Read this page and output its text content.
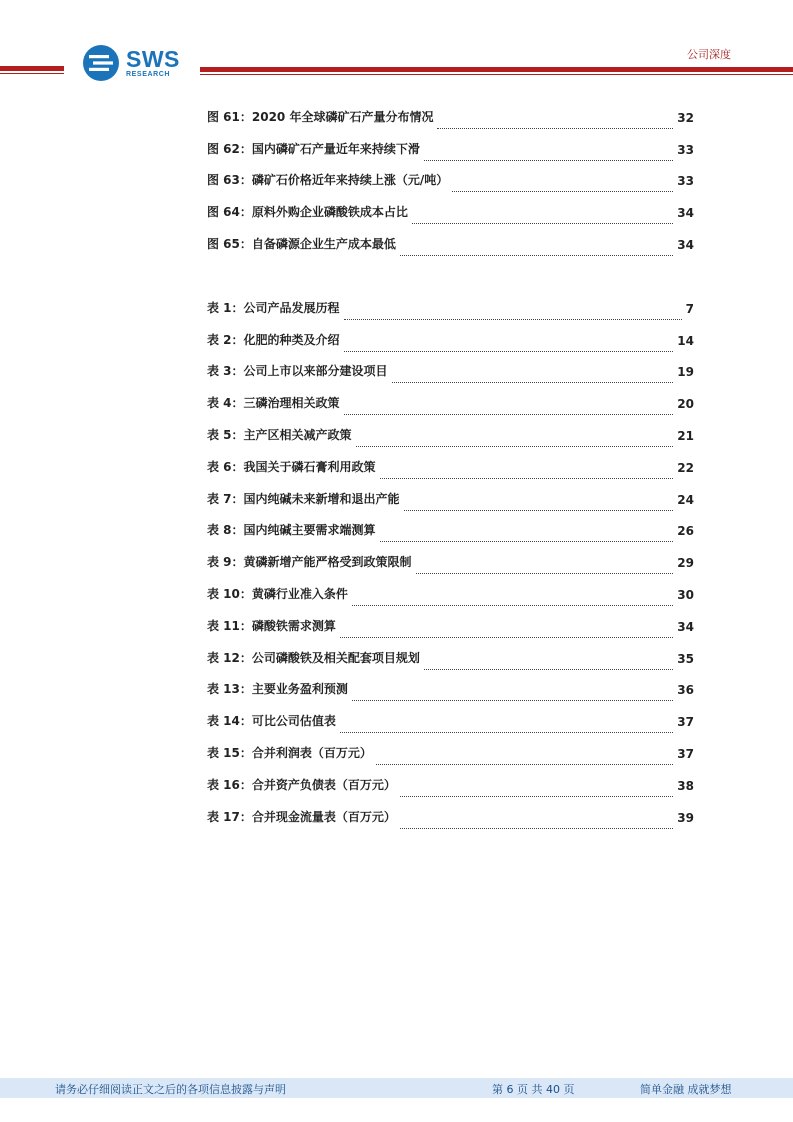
SWS
RESEARCH
公司深度
图 61：2020 年全球磷矿石产量分布情况	32
图 62：国内磷矿石产量近年来持续下滑	33
图 63：磷矿石价格近年来持续上涨（元/吨）	33
图 64：原料外购企业磷酸铁成本占比	34
图 65：自备磷源企业生产成本最低	34
表 1：公司产品发展历程	7
表 2：化肥的种类及介绍	14
表 3：公司上市以来部分建设项目	19
表 4：三磷治理相关政策	20
表 5：主产区相关减产政策	21
表 6：我国关于磷石膏利用政策	22
表 7：国内纯碱未来新增和退出产能	24
表 8：国内纯碱主要需求端测算	26
表 9：黄磷新增产能严格受到政策限制	29
表 10：黄磷行业准入条件	30
表 11：磷酸铁需求测算	34
表 12：公司磷酸铁及相关配套项目规划	35
表 13：主要业务盈利预测	36
表 14：可比公司估值表	37
表 15：合并利润表（百万元）	37
表 16：合并资产负债表（百万元）	38
表 17：合并现金流量表（百万元）	39
请务必仔细阅读正文之后的各项信息披露与声明	第 6 页 共 40 页	简单金融 成就梦想
